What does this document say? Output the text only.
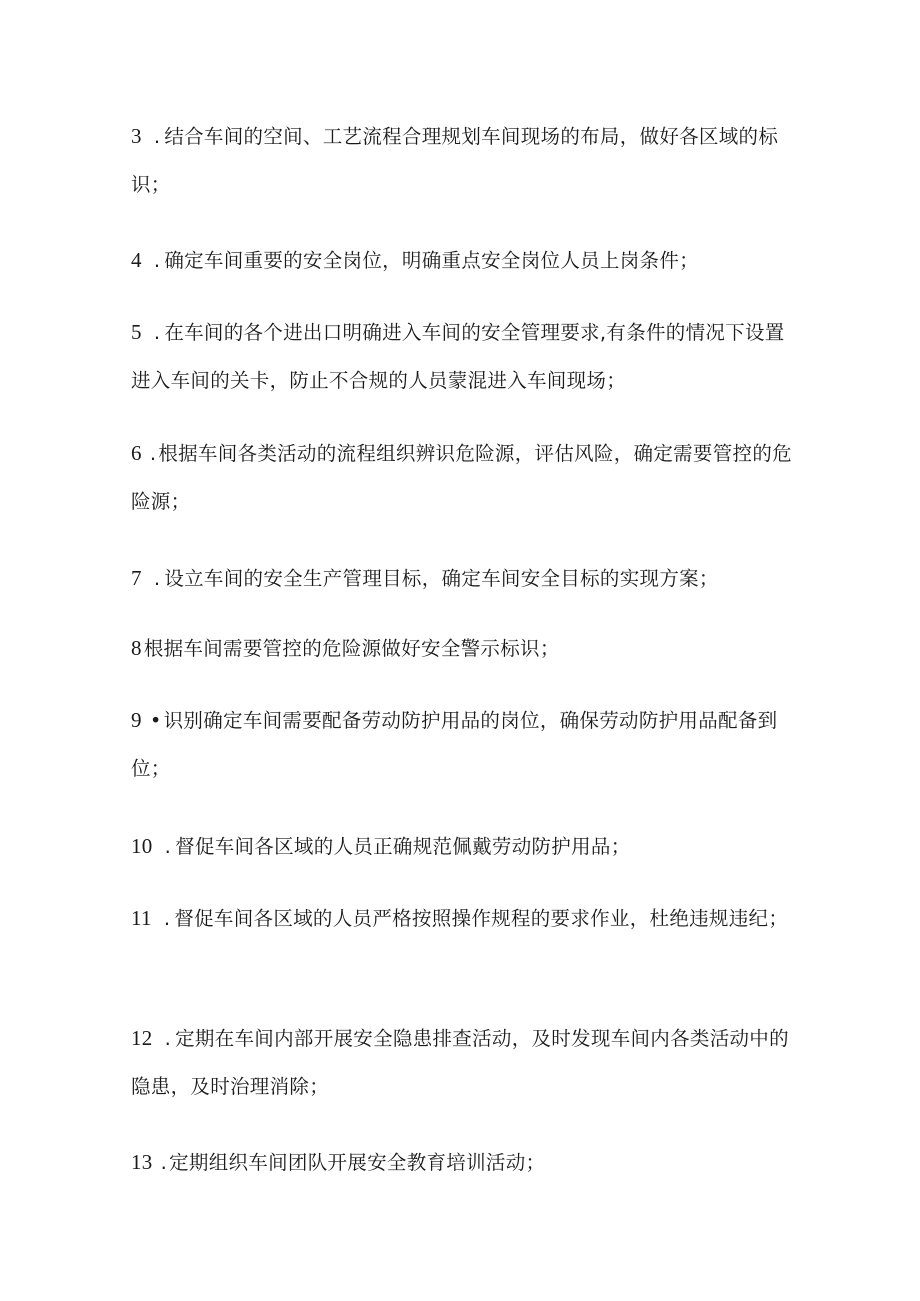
3 . 结合车间的空间、工艺流程合理规划车间现场的布局，做好各区域的标识；

4 . 确定车间重要的安全岗位，明确重点安全岗位人员上岗条件；

5 . 在车间的各个进出口明确进入车间的安全管理要求,有条件的情况下设置进入车间的关卡，防止不合规的人员蒙混进入车间现场；

6 . 根据车间各类活动的流程组织辨识危险源，评估风险，确定需要管控的危险源；

7 . 设立车间的安全生产管理目标，确定车间安全目标的实现方案；

8 根据车间需要管控的危险源做好安全警示标识；

9 • 识别确定车间需要配备劳动防护用品的岗位，确保劳动防护用品配备到位；

10 . 督促车间各区域的人员正确规范佩戴劳动防护用品；

11 . 督促车间各区域的人员严格按照操作规程的要求作业，杜绝违规违纪；

12 . 定期在车间内部开展安全隐患排查活动，及时发现车间内各类活动中的隐患，及时治理消除；

13 . 定期组织车间团队开展安全教育培训活动；
